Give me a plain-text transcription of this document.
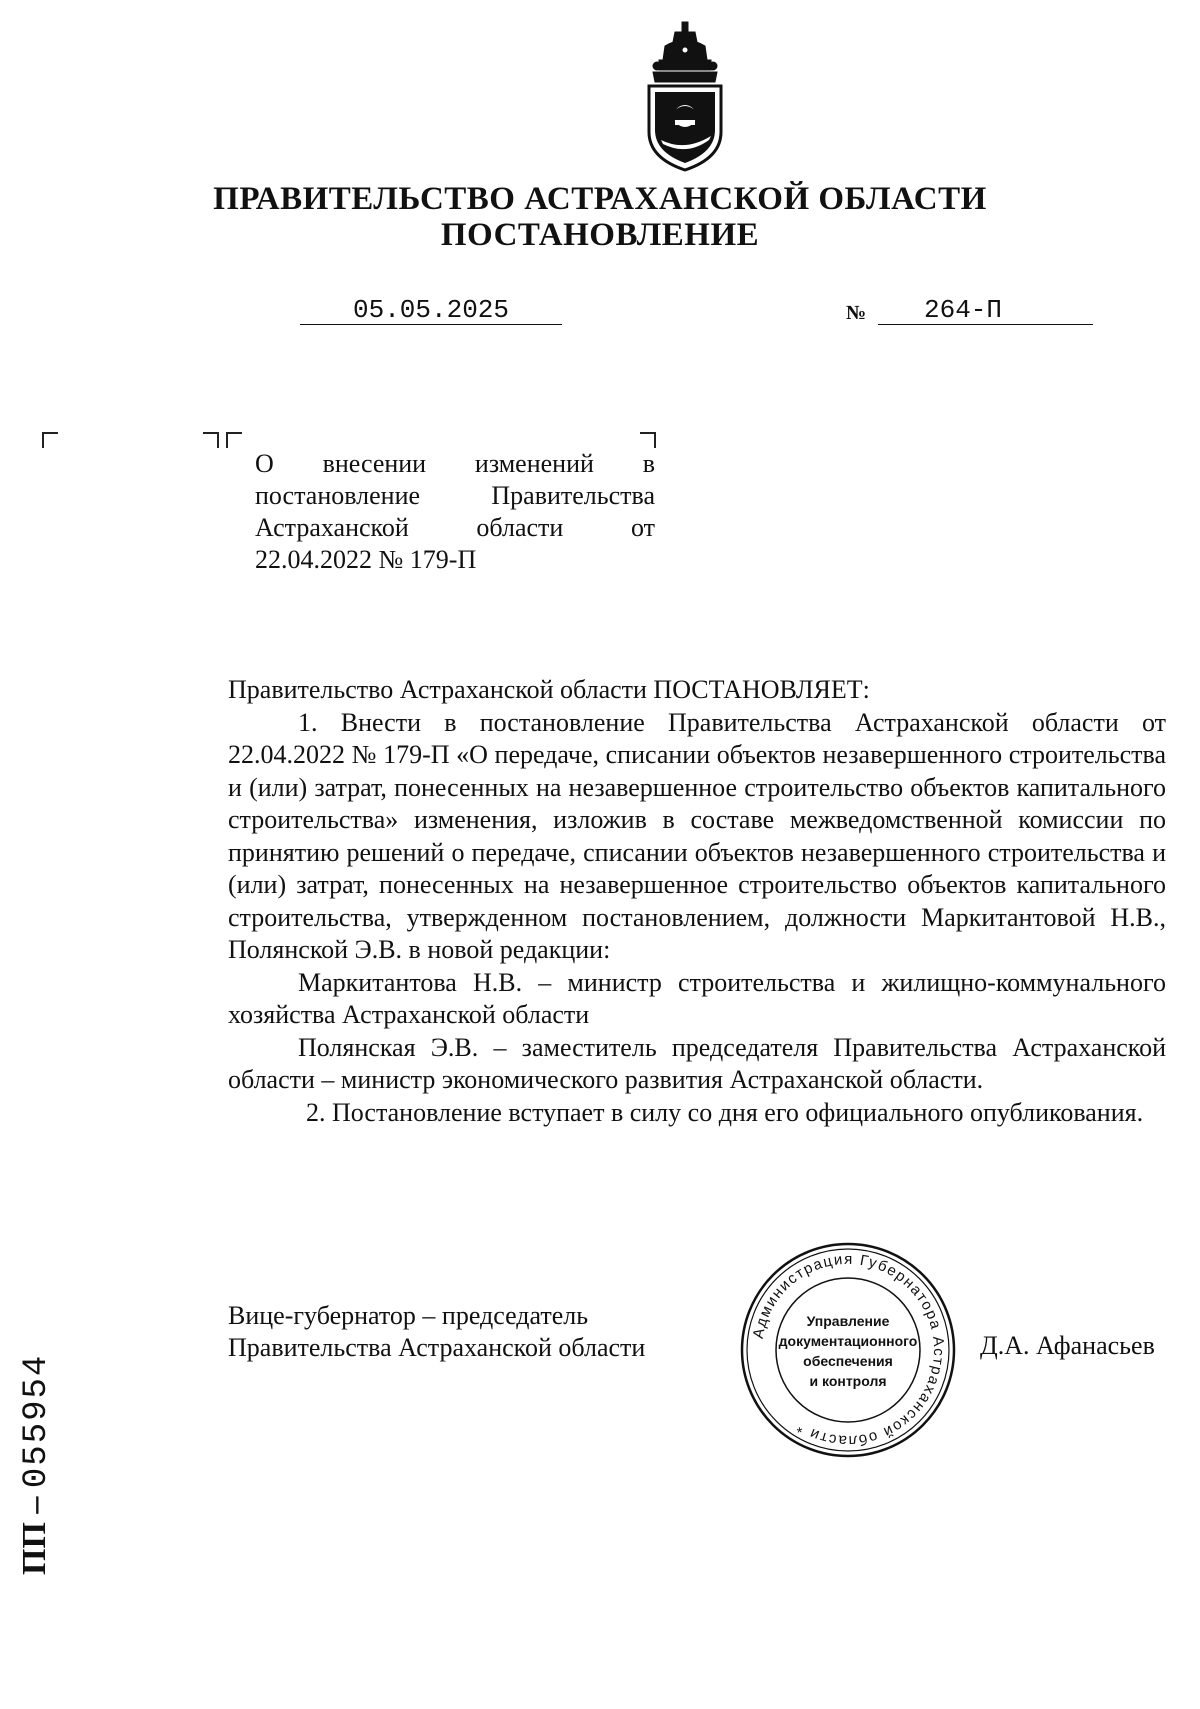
ПРАВИТЕЛЬСТВО АСТРАХАНСКОЙ ОБЛАСТИ
ПОСТАНОВЛЕНИЕ
05.05.2025	№	264-П
О внесении изменений в постановление Правительства Астраханской области от 22.04.2022 № 179-П

Правительство Астраханской области ПОСТАНОВЛЯЕТ:

1. Внести в постановление Правительства Астраханской области от 22.04.2022 № 179-П «О передаче, списании объектов незавершенного строительства и (или) затрат, понесенных на незавершенное строительство объектов капитального строительства» изменения, изложив в составе межведомственной комиссии по принятию решений о передаче, списании объектов незавершенного строительства и (или) затрат, понесенных на незавершенное строительство объектов капитального строительства, утвержденном постановлением, должности Маркитантовой Н.В., Полянской Э.В. в новой редакции:

Маркитантова Н.В. – министр строительства и жилищно-коммунального хозяйства Астраханской области

Полянская Э.В. – заместитель председателя Правительства Астраханской области – министр экономического развития Астраханской области.

2. Постановление вступает в силу со дня его официального опубликования.

Вице-губернатор – председатель
Правительства Астраханской области	Д.А. Афанасьев
Администрация Губернатора Астраханской области *
Управление
документационного
обеспечения
и контроля
ПП – 055954
